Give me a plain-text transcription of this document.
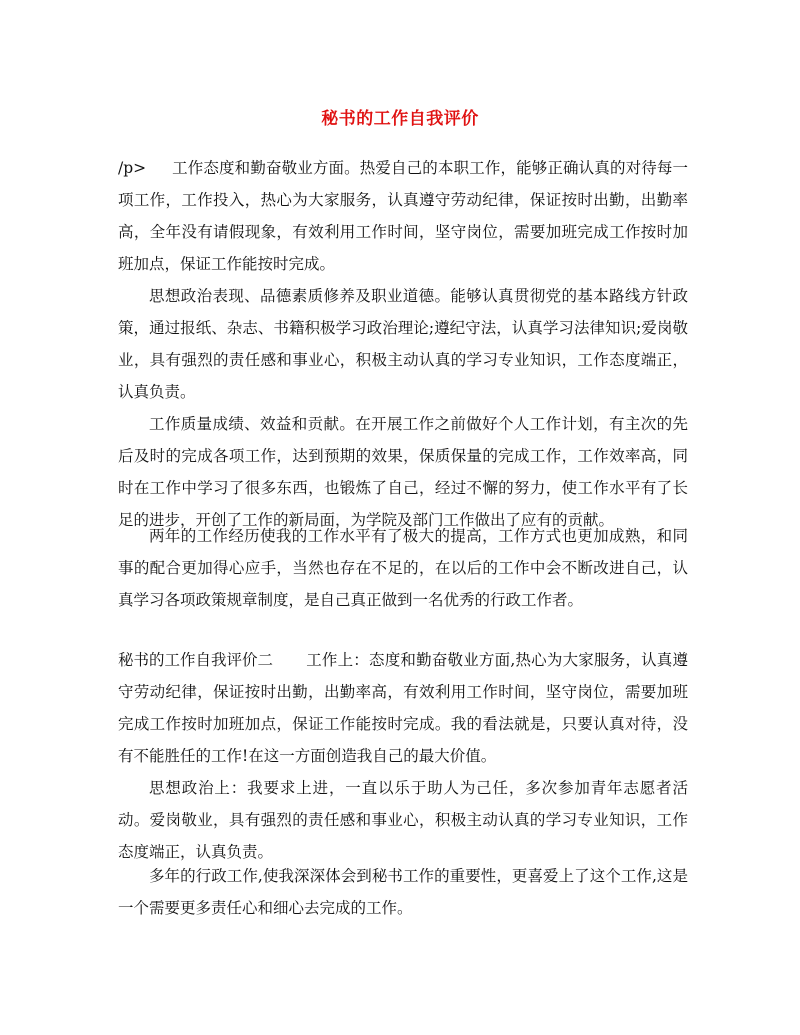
秘书的工作自我评价
/p> 工作态度和勤奋敬业方面。热爱自己的本职工作，能够正确认真的对待每一项工作，工作投入，热心为大家服务，认真遵守劳动纪律，保证按时出勤，出勤率高，全年没有请假现象，有效利用工作时间，坚守岗位，需要加班完成工作按时加班加点，保证工作能按时完成。
思想政治表现、品德素质修养及职业道德。能够认真贯彻党的基本路线方针政策，通过报纸、杂志、书籍积极学习政治理论;遵纪守法，认真学习法律知识;爱岗敬业，具有强烈的责任感和事业心，积极主动认真的学习专业知识，工作态度端正，认真负责。
工作质量成绩、效益和贡献。在开展工作之前做好个人工作计划，有主次的先后及时的完成各项工作，达到预期的效果，保质保量的完成工作，工作效率高，同时在工作中学习了很多东西，也锻炼了自己，经过不懈的努力，使工作水平有了长足的进步，开创了工作的新局面，为学院及部门工作做出了应有的贡献。
两年的工作经历使我的工作水平有了极大的提高，工作方式也更加成熟，和同事的配合更加得心应手，当然也存在不足的，在以后的工作中会不断改进自己，认真学习各项政策规章制度，是自己真正做到一名优秀的行政工作者。
秘书的工作自我评价二 工作上：态度和勤奋敬业方面,热心为大家服务，认真遵守劳动纪律，保证按时出勤，出勤率高，有效利用工作时间，坚守岗位，需要加班完成工作按时加班加点，保证工作能按时完成。我的看法就是，只要认真对待，没有不能胜任的工作!在这一方面创造我自己的最大价值。
思想政治上：我要求上进，一直以乐于助人为己任，多次参加青年志愿者活动。爱岗敬业，具有强烈的责任感和事业心，积极主动认真的学习专业知识，工作态度端正，认真负责。
多年的行政工作,使我深深体会到秘书工作的重要性，更喜爱上了这个工作,这是一个需要更多责任心和细心去完成的工作。
